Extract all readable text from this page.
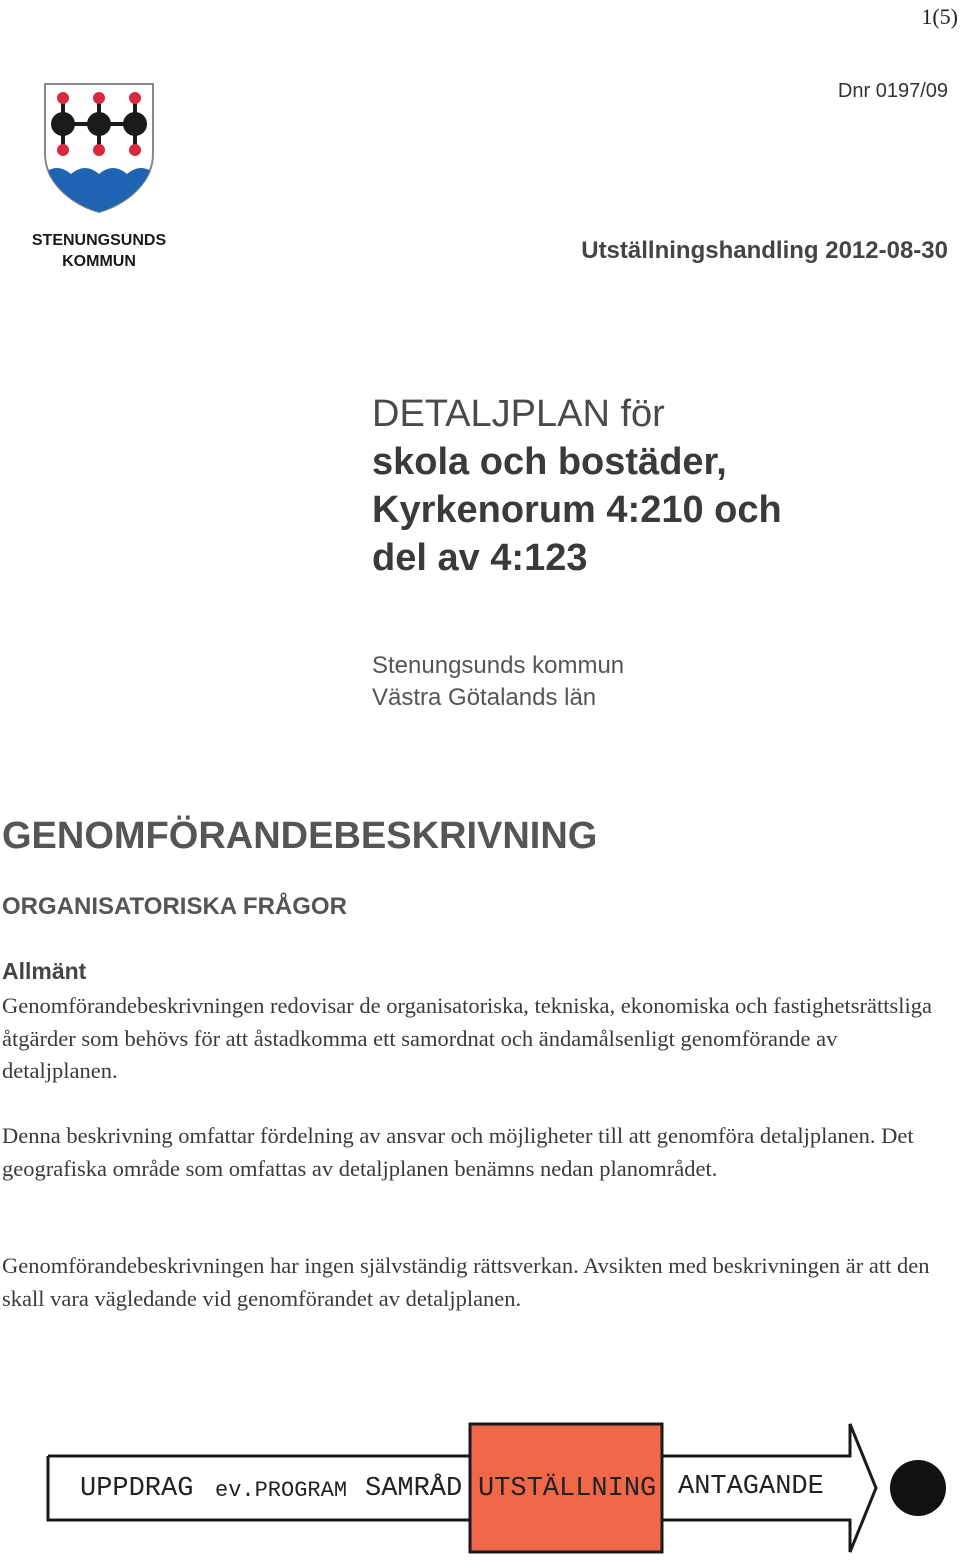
1(5)
Dnr 0197/09
STENUNGSUNDS
KOMMUN	Utställningshandling 2012-08-30
DETALJPLAN för
skola och bostäder,
Kyrkenorum 4:210 och
del av 4:123
Stenungsunds kommun
Västra Götalands län
GENOMFÖRANDEBESKRIVNING
ORGANISATORISKA FRÅGOR
Allmänt
Genomförandebeskrivningen redovisar de organisatoriska, tekniska, ekonomiska och fastighetsrättsliga åtgärder som behövs för att åstadkomma ett samordnat och ändamålsenligt genomförande av detaljplanen.
Denna beskrivning omfattar fördelning av ansvar och möjligheter till att genomföra detaljplanen. Det geografiska område som omfattas av detaljplanen benämns nedan planområdet.
Genomförandebeskrivningen har ingen självständig rättsverkan. Avsikten med beskrivningen är att den skall vara vägledande vid genomförandet av detaljplanen.
UPPDRAG ev.PROGRAM SAMRÅD UTSTÄLLNING ANTAGANDE
